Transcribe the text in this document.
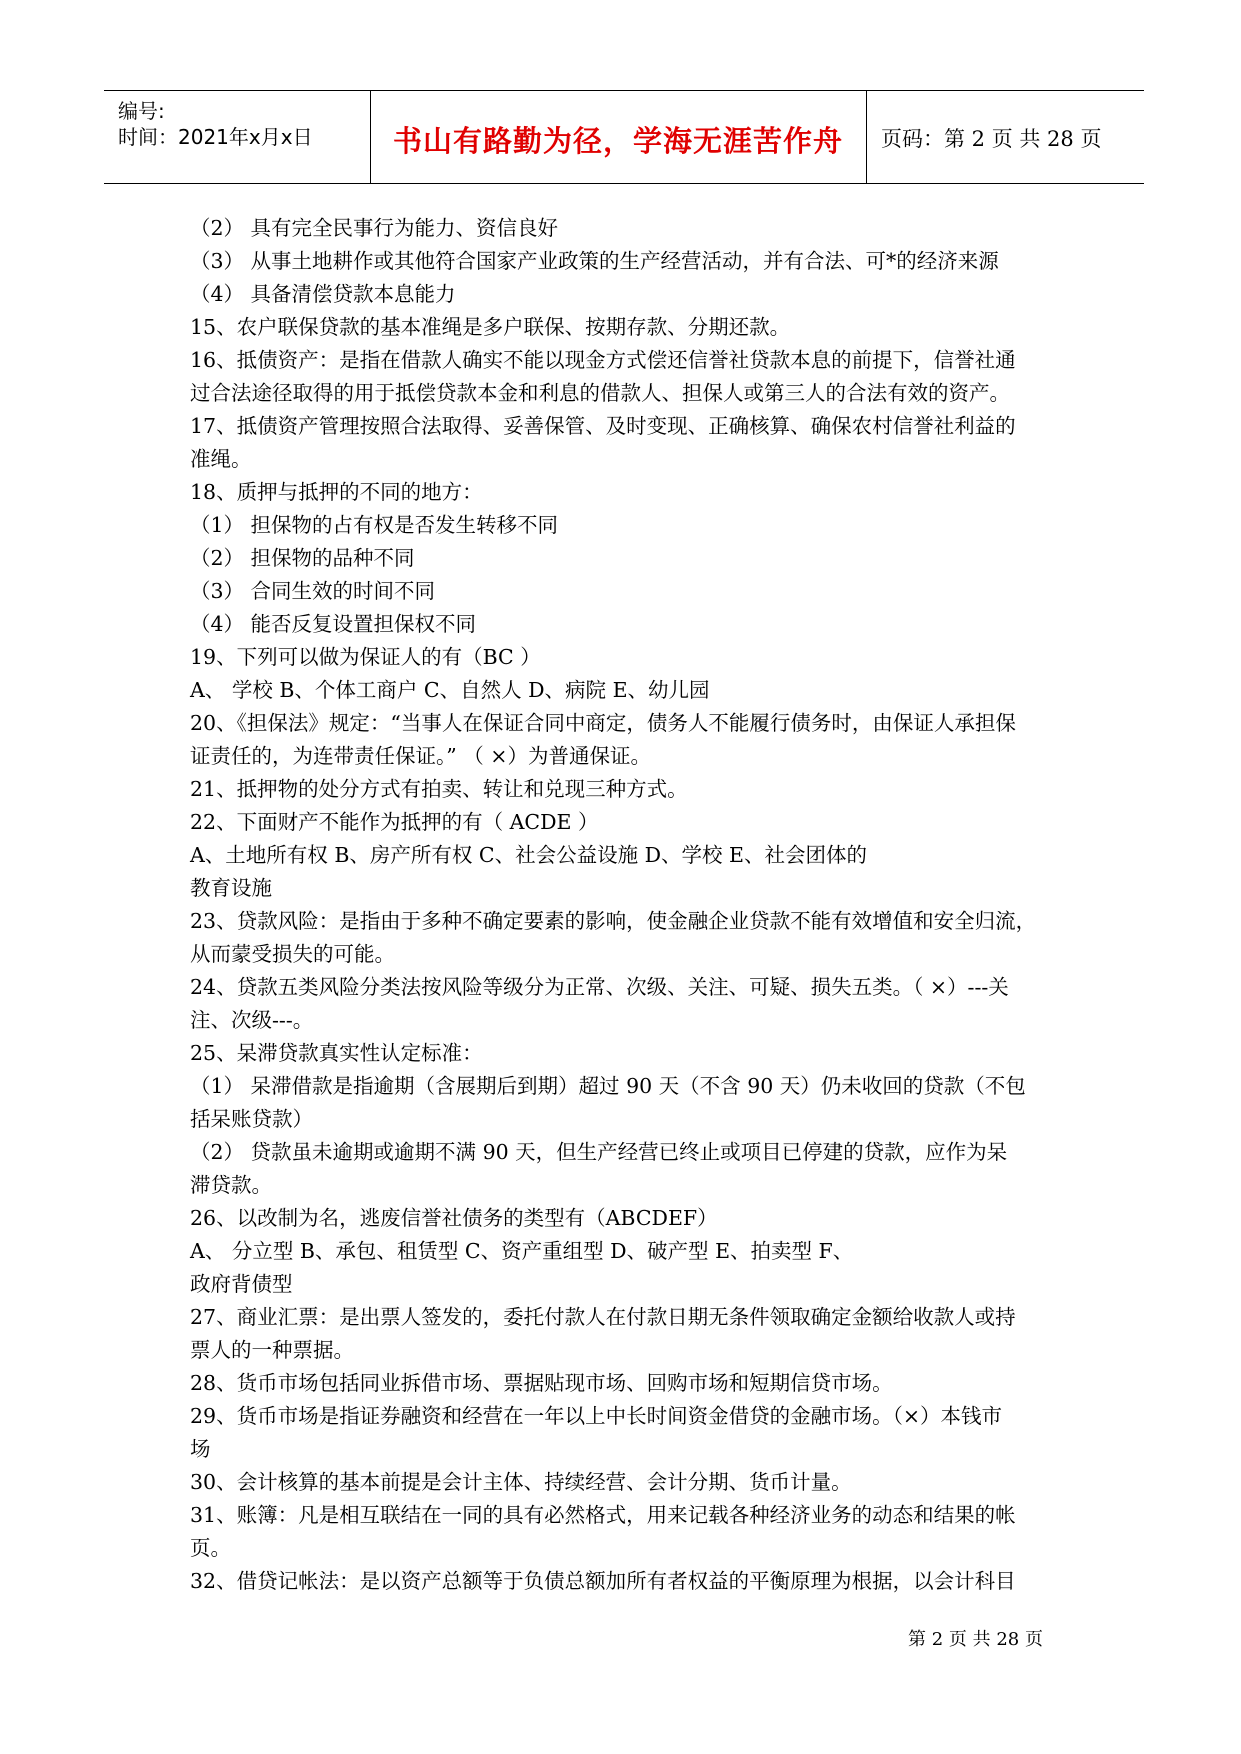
编号:
时间：2021年x月x日	书山有路勤为径，学海无涯苦作舟	页码：第 2 页 共 28 页
（2） 具有完全民事行为能力、资信良好
（3） 从事土地耕作或其他符合国家产业政策的生产经营活动，并有合法、可*的经济来源
（4） 具备清偿贷款本息能力
15、农户联保贷款的基本准绳是多户联保、按期存款、分期还款。
16、抵债资产：是指在借款人确实不能以现金方式偿还信誉社贷款本息的前提下，信誉社通
过合法途径取得的用于抵偿贷款本金和利息的借款人、担保人或第三人的合法有效的资产。
17、抵债资产管理按照合法取得、妥善保管、及时变现、正确核算、确保农村信誉社利益的
准绳。
18、质押与抵押的不同的地方：
（1） 担保物的占有权是否发生转移不同
（2） 担保物的品种不同
（3） 合同生效的时间不同
（4） 能否反复设置担保权不同
19、下列可以做为保证人的有（BC ）
A、 学校 B、个体工商户 C、自然人 D、病院 E、幼儿园
20、《担保法》规定：“当事人在保证合同中商定，债务人不能履行债务时，由保证人承担保
证责任的，为连带责任保证。” （ ×）为普通保证。
21、抵押物的处分方式有拍卖、转让和兑现三种方式。
22、下面财产不能作为抵押的有（ ACDE ）
A、土地所有权 B、房产所有权 C、社会公益设施 D、学校 E、社会团体的
教育设施
23、贷款风险：是指由于多种不确定要素的影响，使金融企业贷款不能有效增值和安全归流，
从而蒙受损失的可能。
24、贷款五类风险分类法按风险等级分为正常、次级、关注、可疑、损失五类。（ ×）---关
注、次级---。
25、呆滞贷款真实性认定标准：
（1） 呆滞借款是指逾期（含展期后到期）超过 90 天（不含 90 天）仍未收回的贷款（不包
括呆账贷款）
（2） 贷款虽未逾期或逾期不满 90 天，但生产经营已终止或项目已停建的贷款，应作为呆
滞贷款。
26、以改制为名，逃废信誉社债务的类型有（ABCDEF）
A、 分立型 B、承包、租赁型 C、资产重组型 D、破产型 E、拍卖型 F、
政府背债型
27、商业汇票：是出票人签发的，委托付款人在付款日期无条件领取确定金额给收款人或持
票人的一种票据。
28、货币市场包括同业拆借市场、票据贴现市场、回购市场和短期信贷市场。
29、货币市场是指证券融资和经营在一年以上中长时间资金借贷的金融市场。（×）本钱市
场
30、会计核算的基本前提是会计主体、持续经营、会计分期、货币计量。
31、账簿：凡是相互联结在一同的具有必然格式，用来记载各种经济业务的动态和结果的帐
页。
32、借贷记帐法：是以资产总额等于负债总额加所有者权益的平衡原理为根据，以会计科目
第 2 页 共 28 页
